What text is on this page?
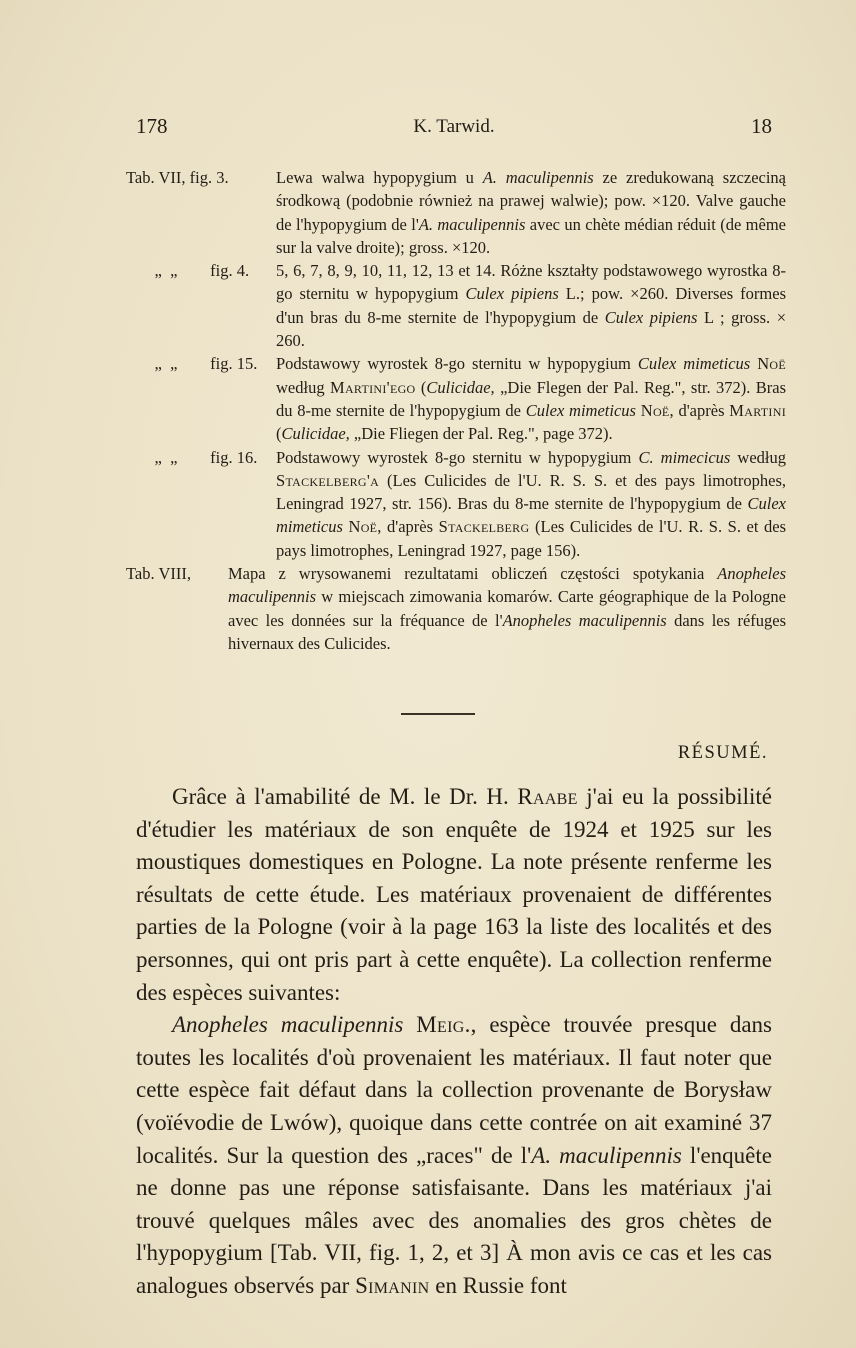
178	K. Tarwid.	18
Tab. VII, fig. 3.	Lewa walwa hypopygium u A. maculipennis ze zredukowaną szczeciną środkową (podobnie również na prawej walwie); pow. ×120. Valve gauche de l'hypopygium de l'A. maculipennis avec un chète médian réduit (de même sur la valve droite); gross. ×120.
„ „ fig. 4.	5, 6, 7, 8, 9, 10, 11, 12, 13 et 14. Różne kształty podstawowego wyrostka 8-go sternitu w hypopygium Culex pipiens L.; pow. ×260. Diverses formes d'un bras du 8-me sternite de l'hypopygium de Culex pipiens L ; gross. × 260.
„ „ fig. 15.	Podstawowy wyrostek 8-go sternitu w hypopygium Culex mimeticus Noë według Martini'ego (Culicidae, „Die Flegen der Pal. Reg.", str. 372). Bras du 8-me sternite de l'hypopygium de Culex mimeticus Noë, d'après Martini (Culicidae, „Die Fliegen der Pal. Reg.", page 372).
„ „ fig. 16.	Podstawowy wyrostek 8-go sternitu w hypopygium C. mimecicus według Stackelberg'a (Les Culicides de l'U. R. S. S. et des pays limotrophes, Leningrad 1927, str. 156). Bras du 8-me sternite de l'hypopygium de Culex mimeticus Noë, d'après Stackelberg (Les Culicides de l'U. R. S. S. et des pays limotrophes, Leningrad 1927, page 156).
Tab. VIII,	Mapa z wrysowanemi rezultatami obliczeń częstości spotykania Anopheles maculipennis w miejscach zimowania komarów. Carte géographique de la Pologne avec les données sur la fréquance de l'Anopheles maculipennis dans les réfuges hivernaux des Culicides.
RÉSUMÉ.

Grâce à l'amabilité de M. le Dr. H. Raabe j'ai eu la possibilité d'étudier les matériaux de son enquête de 1924 et 1925 sur les moustiques domestiques en Pologne. La note présente renferme les résultats de cette étude. Les matériaux provenaient de différentes parties de la Pologne (voir à la page 163 la liste des localités et des personnes, qui ont pris part à cette enquête). La collection renferme des espèces suivantes:

Anopheles maculipennis Meig., espèce trouvée presque dans toutes les localités d'où provenaient les matériaux. Il faut noter que cette espèce fait défaut dans la collection provenante de Borysław (voïévodie de Lwów), quoique dans cette contrée on ait examiné 37 localités. Sur la question des „races" de l'A. maculipennis l'enquête ne donne pas une réponse satisfaisante. Dans les matériaux j'ai trouvé quelques mâles avec des anomalies des gros chètes de l'hypopygium [Tab. VII, fig. 1, 2, et 3] À mon avis ce cas et les cas analogues observés par Simanin en Russie font
